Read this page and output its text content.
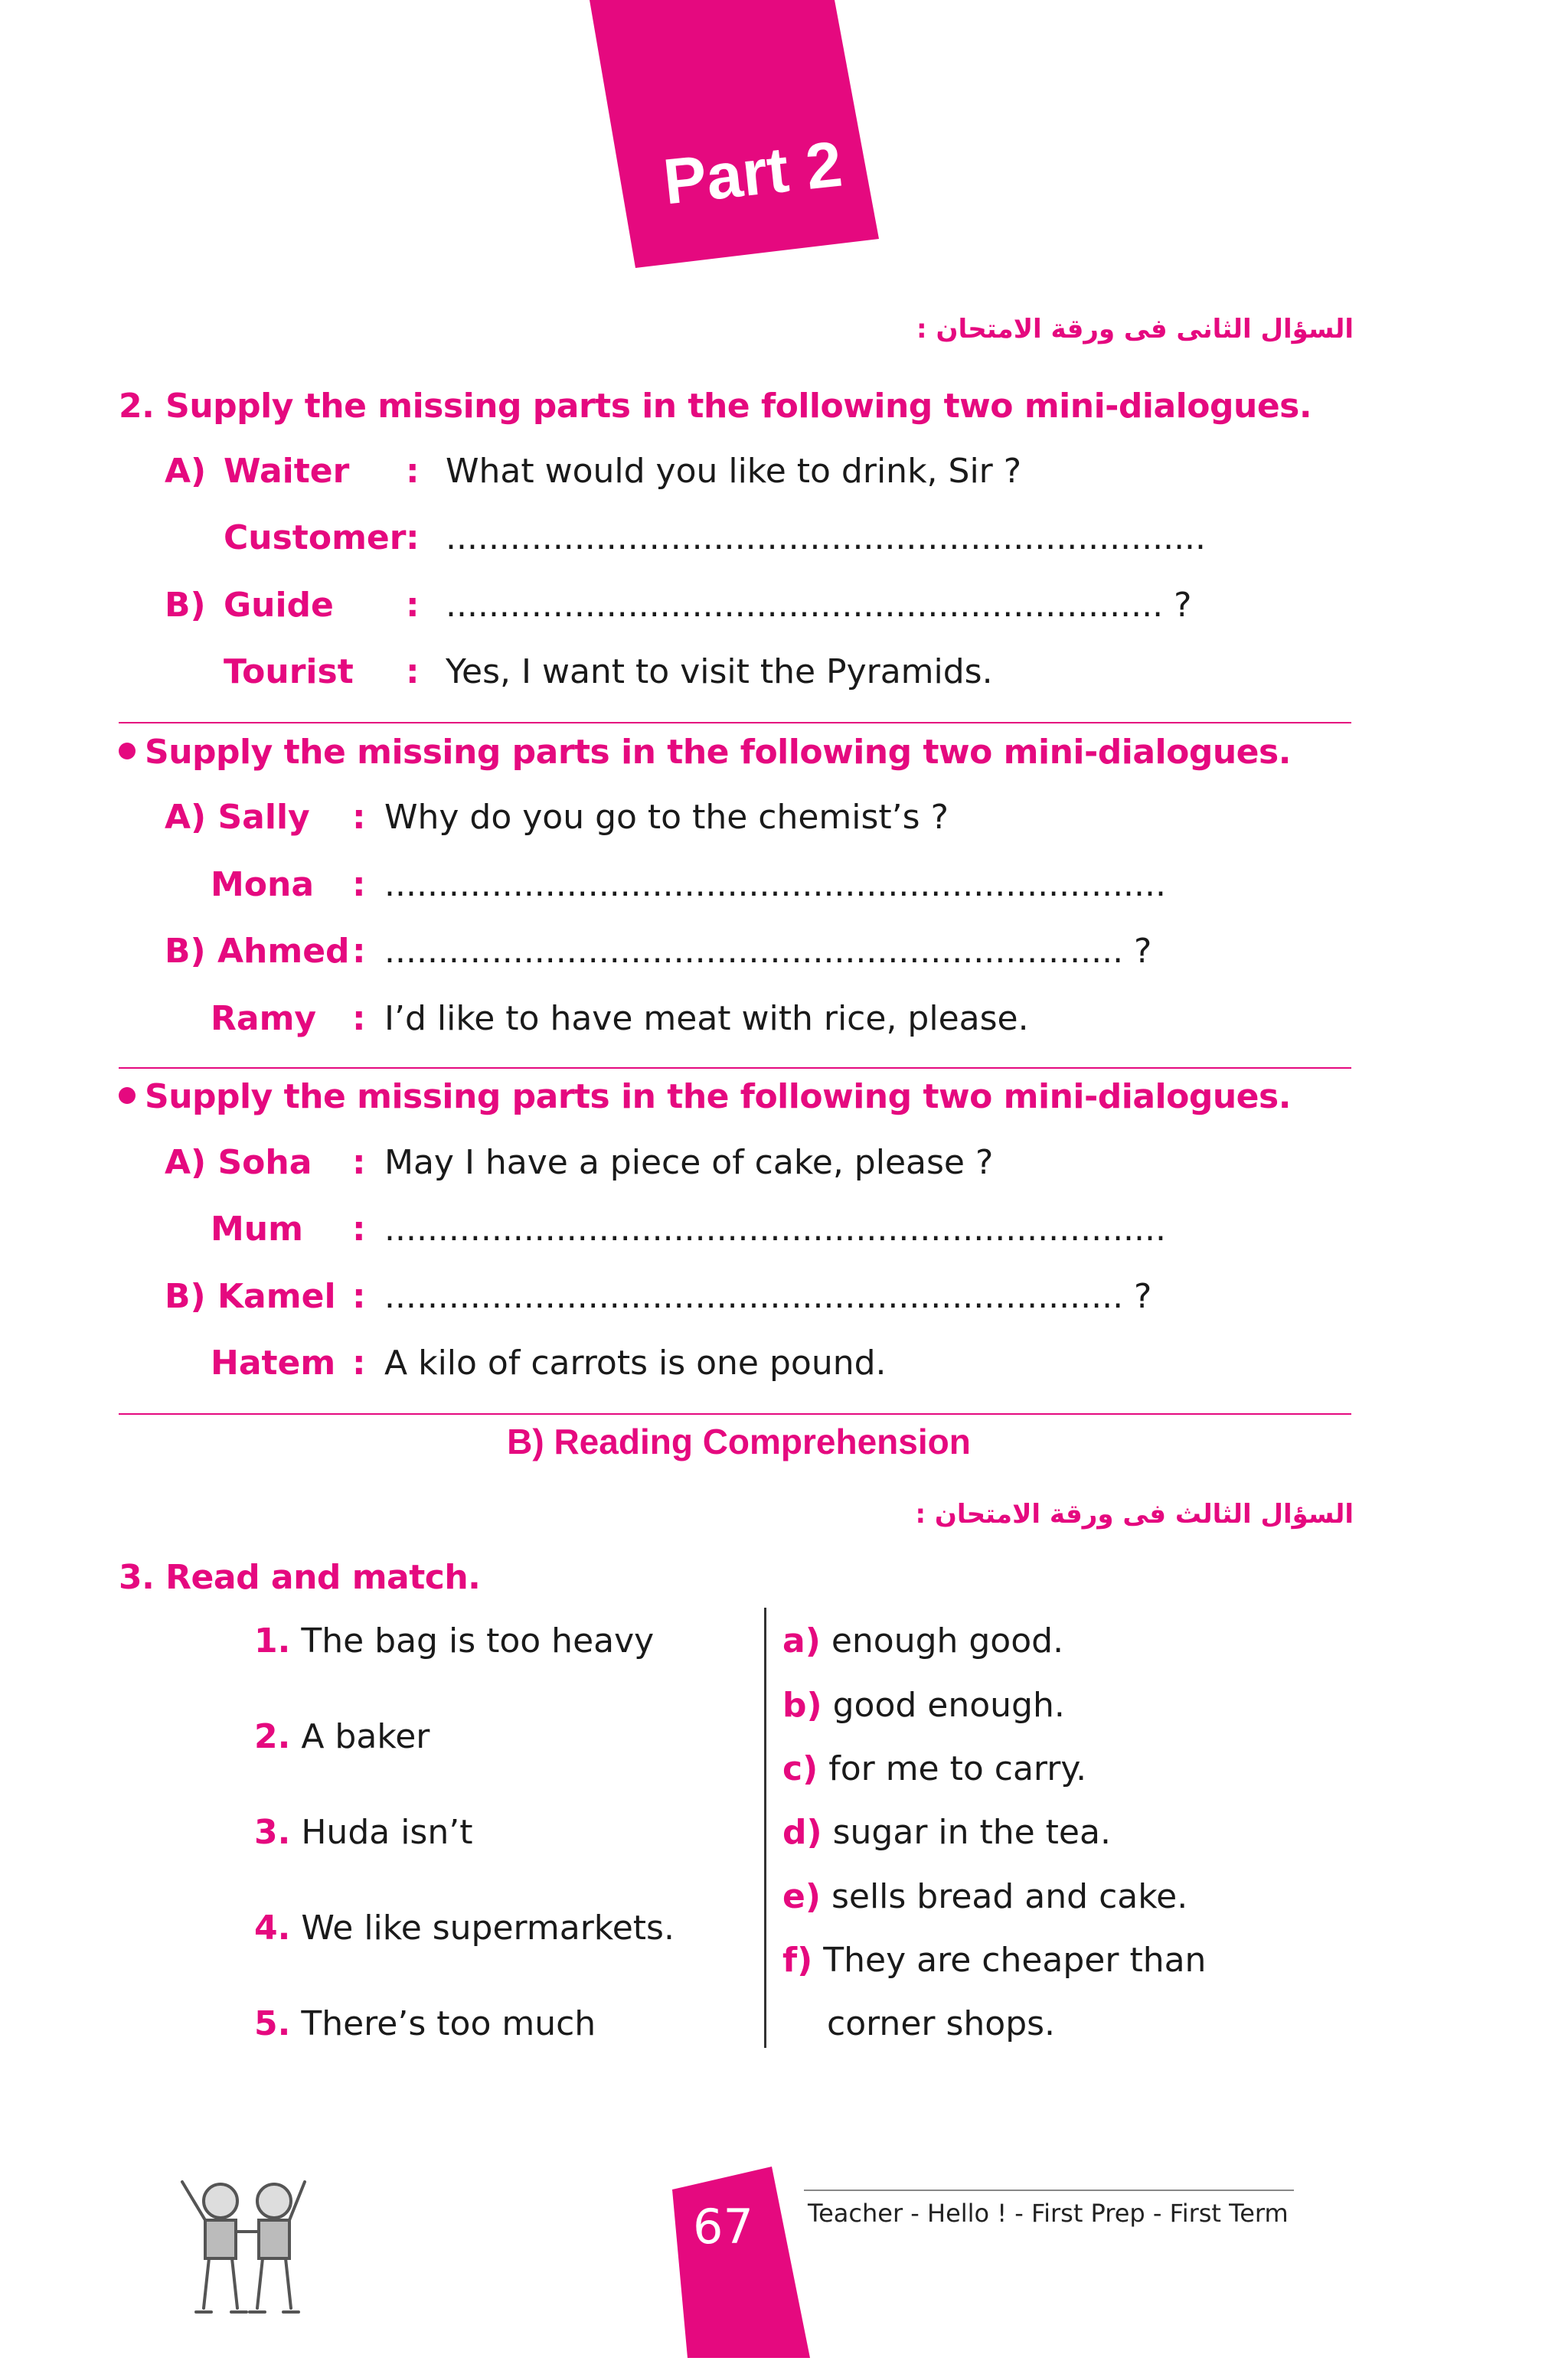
Part 2
السؤال الثانى فى ورقة الامتحان :
2. Supply the missing parts in the following two mini-dialogues.
A) Waiter : What would you like to drink, Sir ?
Customer : .......................................................................
B) Guide : ................................................................... ?
Tourist : Yes, I want to visit the Pyramids.
Supply the missing parts in the following two mini-dialogues.
A) Sally : Why do you go to the chemist’s ?
Mona : .........................................................................
B) Ahmed : ..................................................................... ?
Ramy : I’d like to have meat with rice, please.
Supply the missing parts in the following two mini-dialogues.
A) Soha : May I have a piece of cake, please ?
Mum : .........................................................................
B) Kamel : ..................................................................... ?
Hatem : A kilo of carrots is one pound.
B) Reading Comprehension
السؤال الثالث فى ورقة الامتحان :
3. Read and match.
1. The bag is too heavy
2. A baker
3. Huda isn’t
4. We like supermarkets.
5. There’s too much
a) enough good.
b) good enough.
c) for me to carry.
d) sugar in the tea.
e) sells bread and cake.
f) They are cheaper than
corner shops.
67 Teacher - Hello ! - First Prep - First Term
